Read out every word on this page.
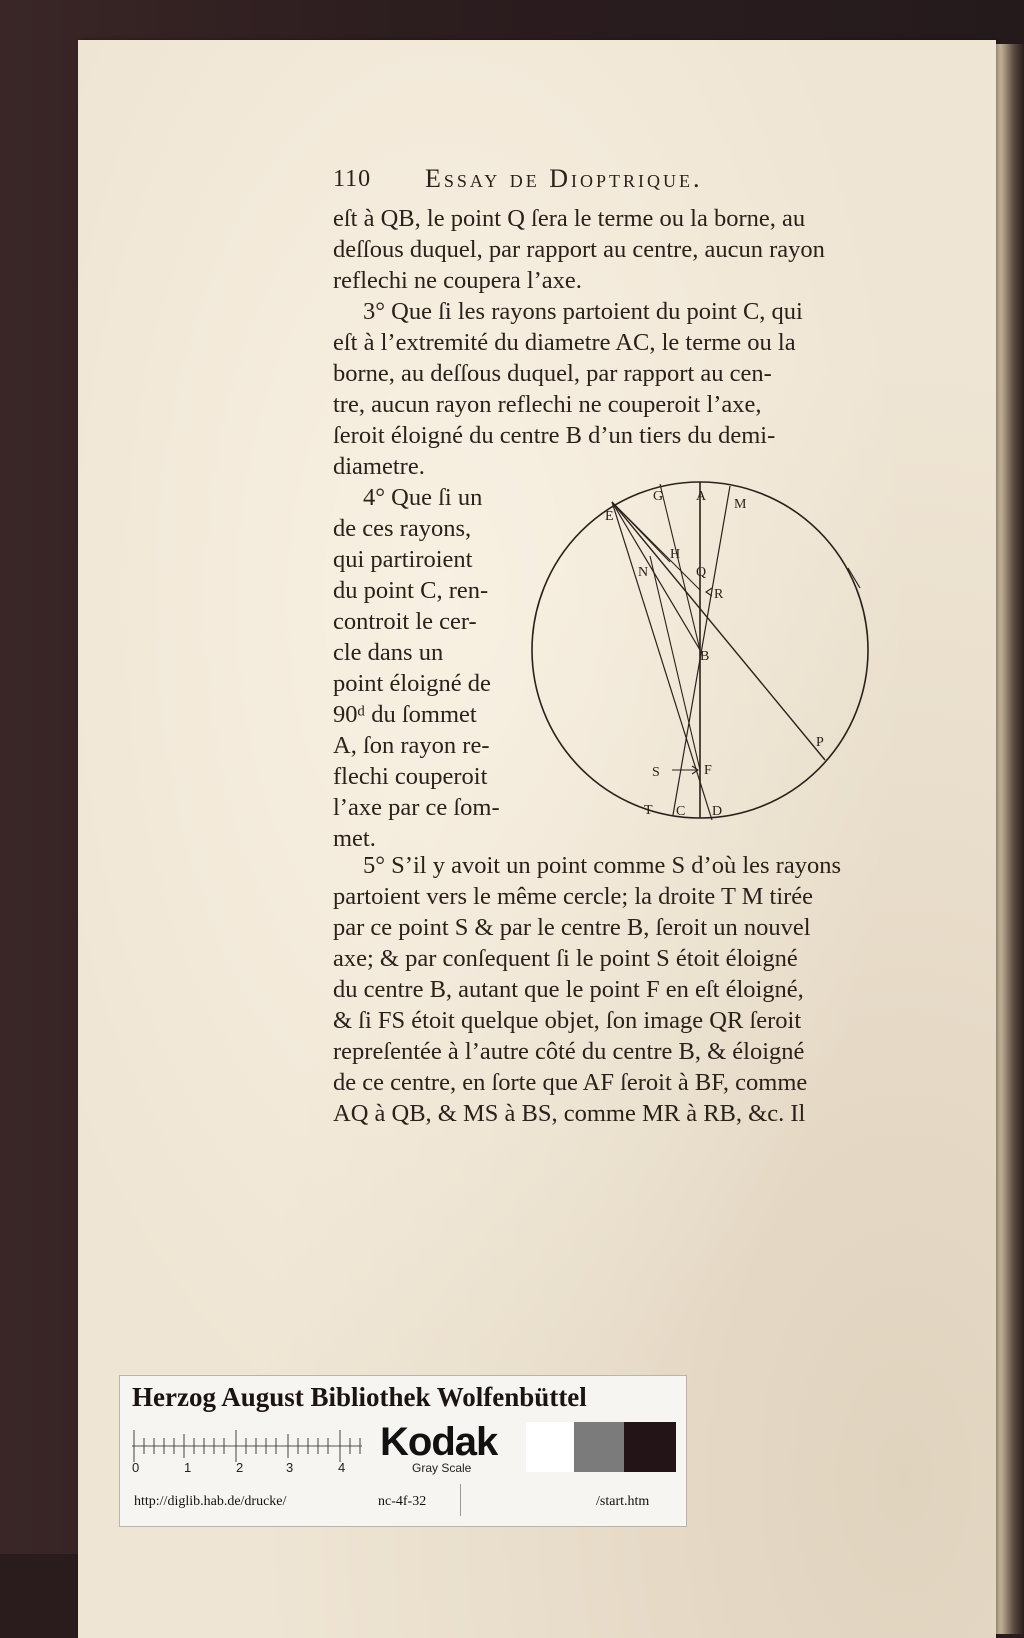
110 Essay de Dioptrique.
eſt à QB, le point Q ſera le terme ou la borne, au
deſſous duquel, par rapport au centre, aucun rayon
reflechi ne coupera l’axe.
3° Que ſi les rayons partoient du point C, qui
eſt à l’extremité du diametre AC, le terme ou la
borne, au deſſous duquel, par rapport au cen-
tre, aucun rayon reflechi ne couperoit l’axe,
ſeroit éloigné du centre B d’un tiers du demi-
diametre.
4° Que ſi un
de ces rayons,
qui partiroient
du point C, ren-
controit le cer-
cle dans un
point éloigné de
90ᵈ du ſommet
A, ſon rayon re-
flechi couperoit
l’axe par ce ſom-
met.
E
G A
M
H
N	Q
R
B
P
S	F
T C D
5° S’il y avoit un point comme S d’où les rayons
partoient vers le même cercle; la droite T M tirée
par ce point S & par le centre B, ſeroit un nouvel
axe; & par conſequent ſi le point S étoit éloigné
du centre B, autant que le point F en eſt éloigné,
& ſi FS étoit quelque objet, ſon image QR ſeroit
repreſentée à l’autre côté du centre B, & éloigné
de ce centre, en ſorte que AF ſeroit à BF, comme
AQ à QB, & MS à BS, comme MR à RB, &c. Il
Herzog August Bibliothek Wolfenbüttel
0	1	2	3	4
Kodak
Gray Scale
http://diglib.hab.de/drucke/	nc-4f-32	/start.htm
